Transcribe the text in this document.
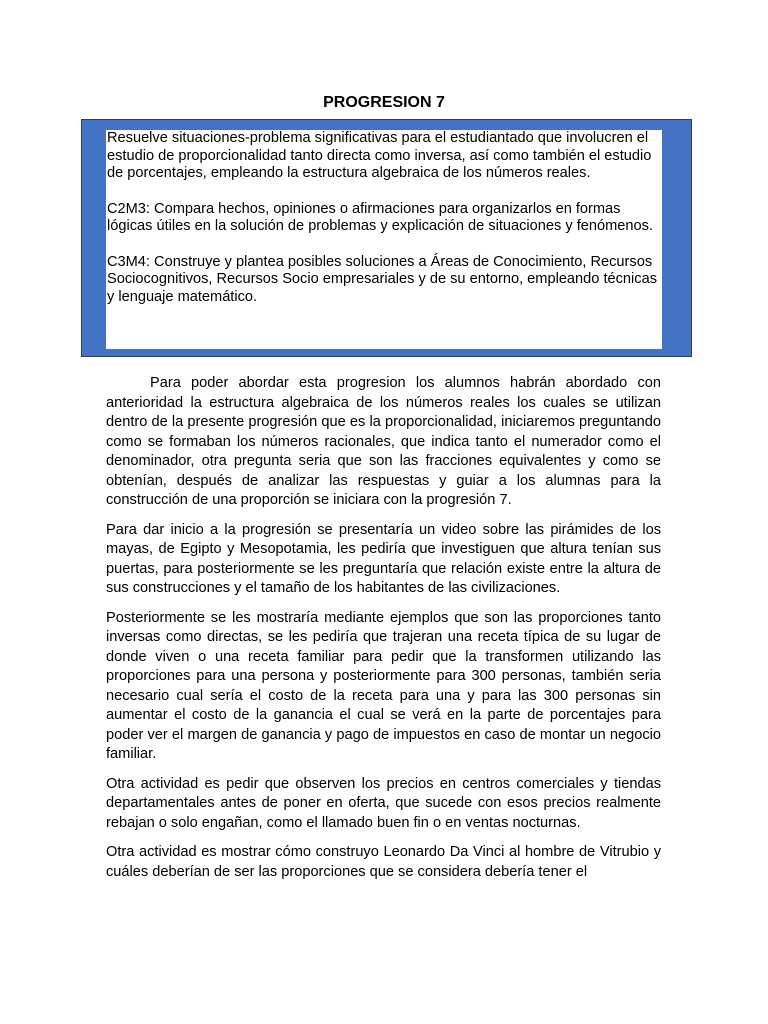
PROGRESION 7

Resuelve situaciones-problema significativas para el estudiantado que involucren el estudio de proporcionalidad tanto directa como inversa, así como también el estudio de porcentajes, empleando la estructura algebraica de los números reales.

C2M3: Compara hechos, opiniones o afirmaciones para organizarlos en formas lógicas útiles en la solución de problemas y explicación de situaciones y fenómenos.

C3M4: Construye y plantea posibles soluciones a Áreas de Conocimiento, Recursos Sociocognitivos, Recursos Socio empresariales y de su entorno, empleando técnicas y lenguaje matemático.

Para poder abordar esta progresion los alumnos habrán abordado con anterioridad la estructura algebraica de los números reales los cuales se utilizan dentro de la presente progresión que es la proporcionalidad, iniciaremos preguntando como se formaban los números racionales, que indica tanto el numerador como el denominador, otra pregunta seria que son las fracciones equivalentes y como se obtenían, después de analizar las respuestas y guiar a los alumnas para la construcción de una proporción se iniciara con la progresión 7.

Para dar inicio a la progresión se presentaría un video sobre las pirámides de los mayas, de Egipto y Mesopotamia, les pediría que investiguen que altura tenían sus puertas, para posteriormente se les preguntaría que relación existe entre la altura de sus construcciones y el tamaño de los habitantes de las civilizaciones.

Posteriormente se les mostraría mediante ejemplos que son las proporciones tanto inversas como directas, se les pediría que trajeran una receta típica de su lugar de donde viven o una receta familiar para pedir que la transformen utilizando las proporciones para una persona y posteriormente para 300 personas, también seria necesario cual sería el costo de la receta para una y para las 300 personas sin aumentar el costo de la ganancia el cual se verá en la parte de porcentajes para poder ver el margen de ganancia y pago de impuestos en caso de montar un negocio familiar.

Otra actividad es pedir que observen los precios en centros comerciales y tiendas departamentales antes de poner en oferta, que sucede con esos precios realmente rebajan o solo engañan, como el llamado buen fin o en ventas nocturnas.

Otra actividad es mostrar cómo construyo Leonardo Da Vinci al hombre de Vitrubio y cuáles deberían de ser las proporciones que se considera debería tener el
